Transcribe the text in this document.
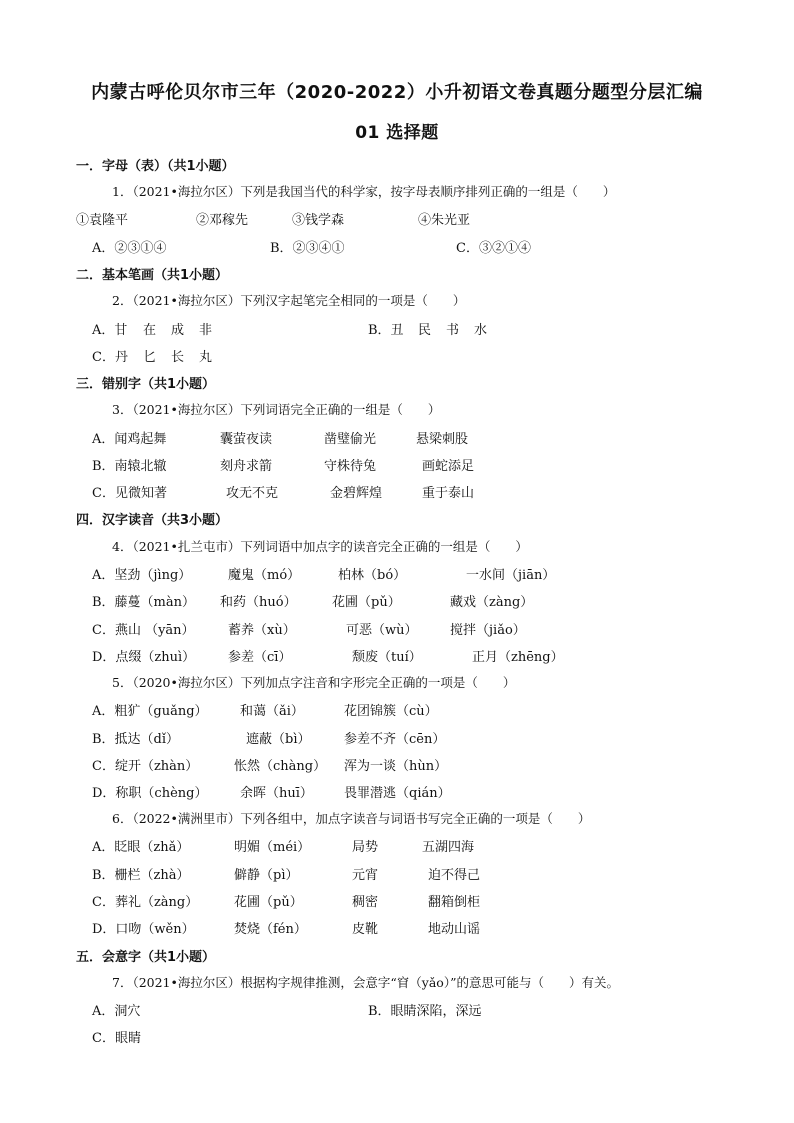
内蒙古呼伦贝尔市三年（2020-2022）小升初语文卷真题分题型分层汇编
01 选择题
一．字母（表）（共1小题）
1．（2021•海拉尔区）下列是我国当代的科学家，按字母表顺序排列正确的一组是（　　）
①袁隆平	②邓稼先	③钱学森	④朱光亚
A．②③①④	B．②③④①	C．③②①④
二．基本笔画（共1小题）
2．（2021•海拉尔区）下列汉字起笔完全相同的一项是（　　）
A．甘 在 成 非	B．丑 民 书 水
C．丹 匕 长 丸
三．错别字（共1小题）
3．（2021•海拉尔区）下列词语完全正确的一组是（　　）
A．闻鸡起舞	囊萤夜读	凿璧偷光	悬梁刺股
B．南辕北辙	刻舟求箭	守株待兔	画蛇添足
C．见微知著	攻无不克	金碧辉煌	重于泰山
四．汉字读音（共3小题）
4．（2021•扎兰屯市）下列词语中加点字的读音完全正确的一组是（　　）
A．坚劲（jìng）	魔鬼（mó）	柏林（bó）	一水间（jiān）
B．藤蔓（màn） 和药（huó）	花圃（pǔ）	藏戏（zàng）
C．燕山 （yān）	蓄养（xù）	可恶（wù） 搅拌（jiǎo）
D．点缀（zhuì）	参差（cī）	颓废（tuí）	正月（zhēng）
5．（2020•海拉尔区）下列加点字注音和字形完全正确的一项是（　　）
A．粗犷（guǎng） 和蔼（ǎi）	花团锦簇（cù）
B．抵达（dǐ）	遮蔽（bì）	参差不齐（cēn）
C．绽开（zhàn）	怅然（chàng） 浑为一谈（hùn）
D．称职（chèng）	余晖（huī） 畏罪潜逃（qián）
6．（2022•满洲里市）下列各组中，加点字读音与词语书写完全正确的一项是（　　）
A．眨眼（zhǎ）	明媚（méi）	局势	五湖四海
B．栅栏（zhà）	僻静（pì）	元宵	迫不得己
C．葬礼（zàng）	花圃（pǔ）	稠密	翻箱倒柜
D．口吻（wěn）	焚烧（fén）	皮靴	地动山谣
五．会意字（共1小题）
7．（2021•海拉尔区）根据构字规律推测，会意字“窅（yǎo）”的意思可能与（　　）有关。
A．洞穴	B．眼睛深陷，深远
C．眼睛
